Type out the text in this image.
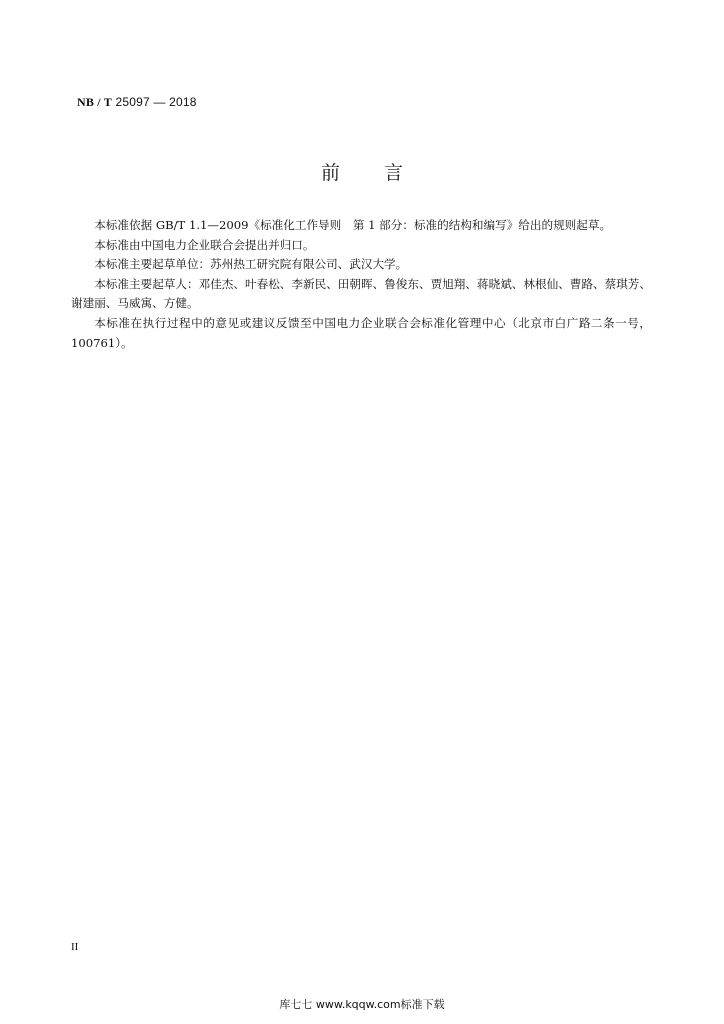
NB / T 25097 — 2018
前言

本标准依据 GB/T 1.1—2009《标准化工作导则　第 1 部分：标准的结构和编写》给出的规则起草。

本标准由中国电力企业联合会提出并归口。

本标准主要起草单位：苏州热工研究院有限公司、武汉大学。

本标准主要起草人：邓佳杰、叶春松、李新民、田朝晖、鲁俊东、贾旭翔、蒋晓斌、林根仙、曹路、蔡琪芳、谢建丽、马威寓、方健。

本标准在执行过程中的意见或建议反馈至中国电力企业联合会标准化管理中心（北京市白广路二条一号，100761）。

II
库七七 www.kqqw.com标准下载
